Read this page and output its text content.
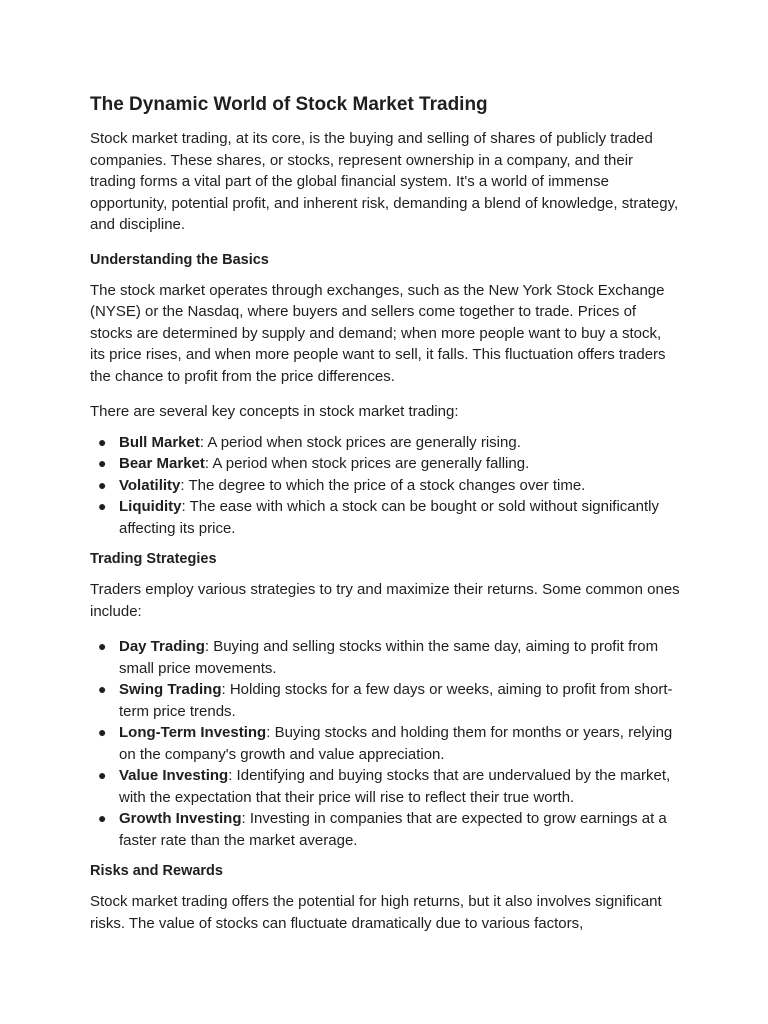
The Dynamic World of Stock Market Trading

Stock market trading, at its core, is the buying and selling of shares of publicly traded companies. These shares, or stocks, represent ownership in a company, and their trading forms a vital part of the global financial system. It's a world of immense opportunity, potential profit, and inherent risk, demanding a blend of knowledge, strategy, and discipline.

Understanding the Basics

The stock market operates through exchanges, such as the New York Stock Exchange (NYSE) or the Nasdaq, where buyers and sellers come together to trade. Prices of stocks are determined by supply and demand; when more people want to buy a stock, its price rises, and when more people want to sell, it falls. This fluctuation offers traders the chance to profit from the price differences.

There are several key concepts in stock market trading:

● Bull Market: A period when stock prices are generally rising.
● Bear Market: A period when stock prices are generally falling.
● Volatility: The degree to which the price of a stock changes over time.
● Liquidity: The ease with which a stock can be bought or sold without significantly affecting its price.
Trading Strategies

Traders employ various strategies to try and maximize their returns. Some common ones include:

● Day Trading: Buying and selling stocks within the same day, aiming to profit from small price movements.
● Swing Trading: Holding stocks for a few days or weeks, aiming to profit from short-term price trends.
● Long-Term Investing: Buying stocks and holding them for months or years, relying on the company's growth and value appreciation.
● Value Investing: Identifying and buying stocks that are undervalued by the market, with the expectation that their price will rise to reflect their true worth.
● Growth Investing: Investing in companies that are expected to grow earnings at a faster rate than the market average.
Risks and Rewards

Stock market trading offers the potential for high returns, but it also involves significant risks. The value of stocks can fluctuate dramatically due to various factors,
